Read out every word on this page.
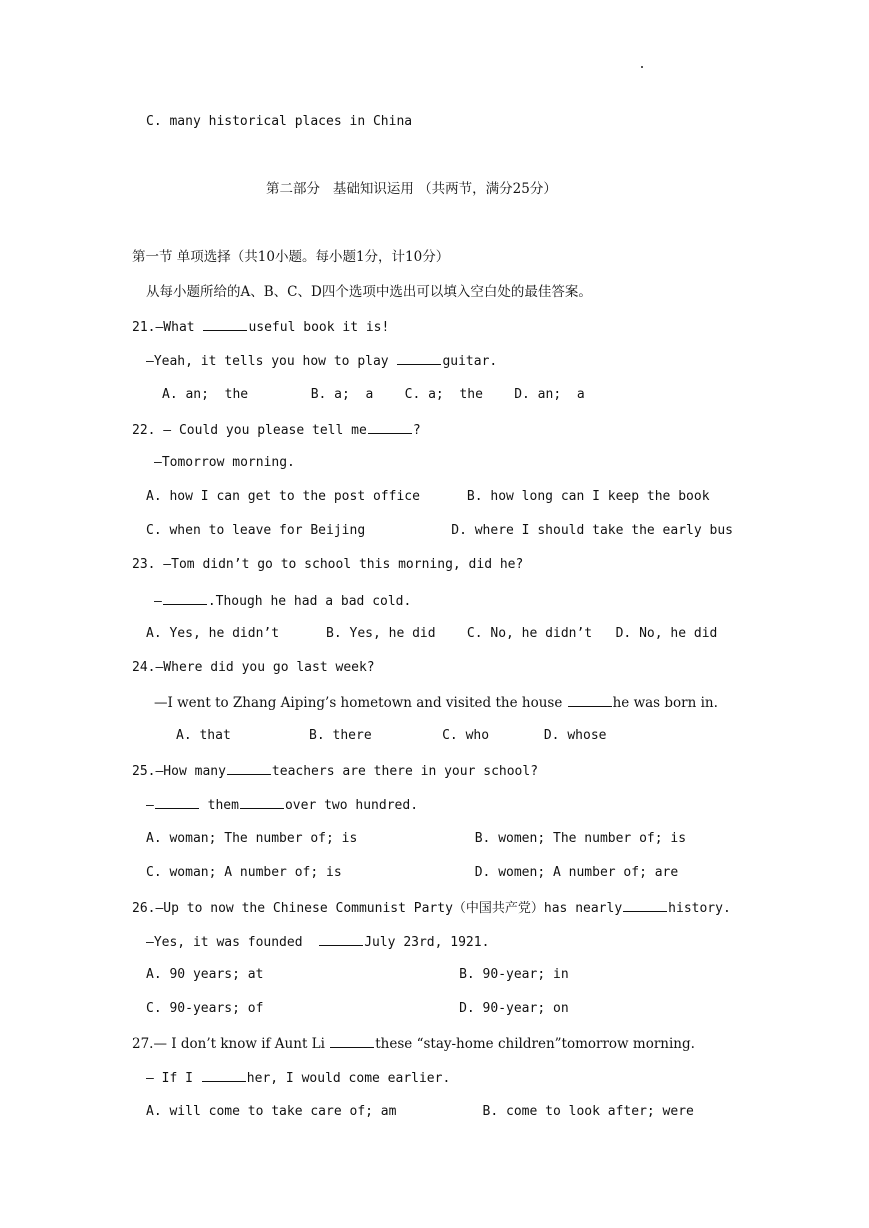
C. many historical places in China
第二部分   基础知识运用 （共两节，满分25分）
第一节 单项选择（共10小题。每小题1分，计10分）
从每小题所给的A、B、C、D四个选项中选出可以填入空白处的最佳答案。
21.—What	useful book it is!
—Yeah, it tells you how to play	guitar.
A. an;  the        B. a;  a    C. a;  the    D. an;  a
22. — Could you please tell me	?
—Tomorrow morning.
A. how I can get to the post office      B. how long can I keep the book
C. when to leave for Beijing           D. where I should take the early bus
23. —Tom didn’t go to school this morning, did he?
—	.Though he had a bad cold.
A. Yes, he didn’t      B. Yes, he did    C. No, he didn’t   D. No, he did
24.—Where did you go last week?
—I went to Zhang Aiping’s hometown and visited the house	he was born in.
A. that          B. there         C. who       D. whose
25.—How many	teachers are there in your school?
—	them	over two hundred.
A. woman; The number of; is               B. women; The number of; is
C. woman; A number of; is                 D. women; A number of; are
26.—Up to now the Chinese Communist Party（中国共产党）has nearly	history.
—Yes, it was founded	July 23rd, 1921.
A. 90 years; at                         B. 90-year; in
C. 90-years; of                         D. 90-year; on
27.— I don’t know if Aunt Li	these “stay-home children”tomorrow morning.
— If I	her, I would come earlier.
A. will come to take care of; am           B. come to look after; were
